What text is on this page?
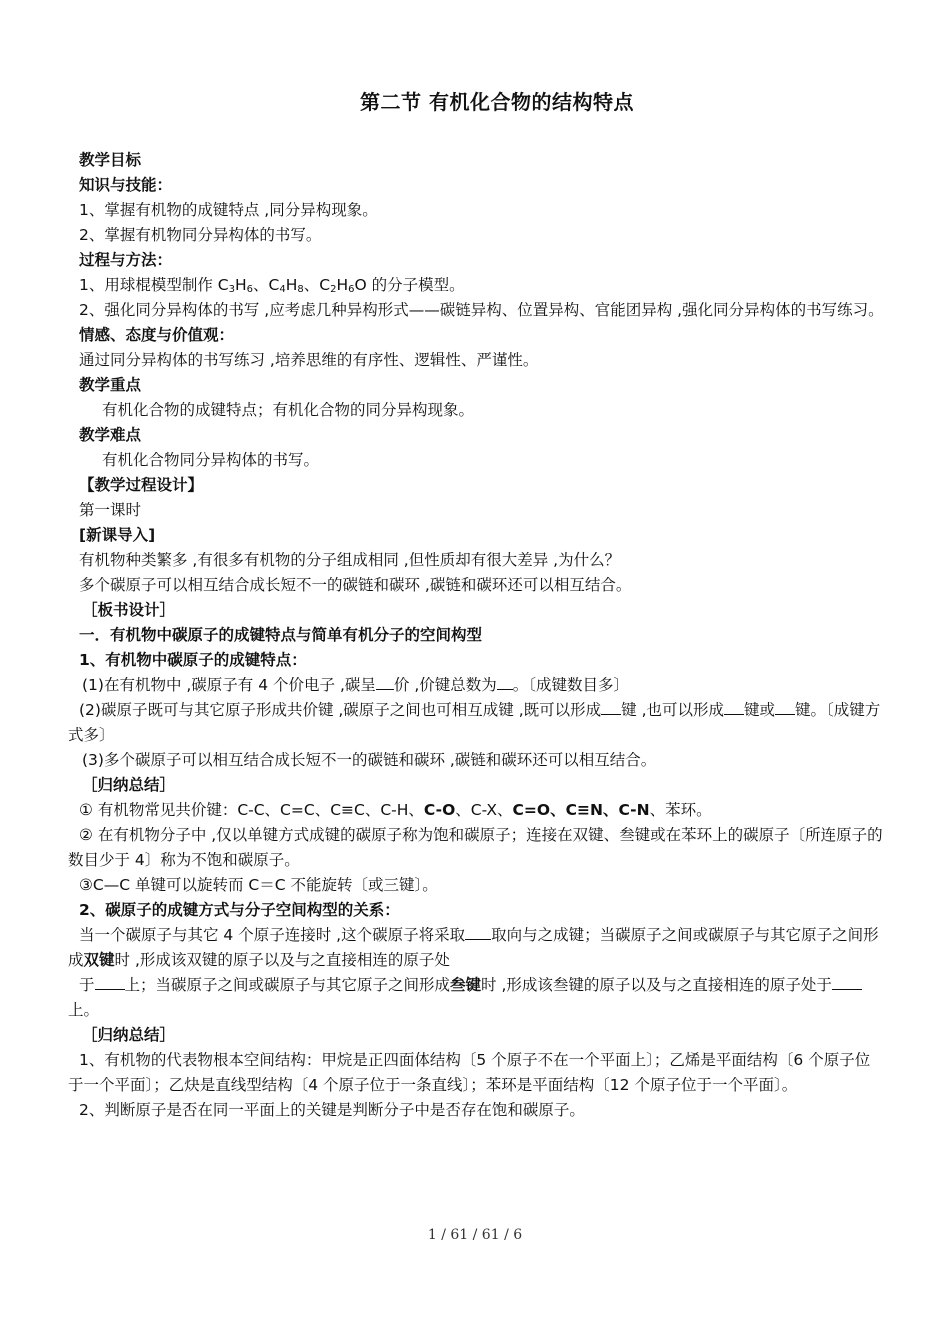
第二节 有机化合物的结构特点

教学目标

知识与技能：

1、掌握有机物的成键特点 ,同分异构现象。

2、掌握有机物同分异构体的书写。

过程与方法：

1、用球棍模型制作 $C_3H_6$、$C_4H_8$、$C_2H_6O$ 的分子模型。

2、强化同分异构体的书写 ,应考虑几种异构形式——碳链异构、位置异构、官能团异构 ,强化同分异构体的书写练习。

情感、态度与价值观：

通过同分异构体的书写练习 ,培养思维的有序性、逻辑性、严谨性。

教学重点

有机化合物的成键特点；有机化合物的同分异构现象。

教学难点

有机化合物同分异构体的书写。

【教学过程设计】

第一课时

[新课导入]

有机物种类繁多 ,有很多有机物的分子组成相同 ,但性质却有很大差异 ,为什么？

多个碳原子可以相互结合成长短不一的碳链和碳环 ,碳链和碳环还可以相互结合。

［板书设计］

一．有机物中碳原子的成键特点与简单有机分子的空间构型

1、有机物中碳原子的成键特点：

(1)在有机物中 ,碳原子有 4 个价电子 ,碳呈 价 ,价键总数为 。〔成键数目多〕

(2)碳原子既可与其它原子形成共价键 ,碳原子之间也可相互成键 ,既可以形成 键 ,也可以形成 键或 键。〔成键方式多〕

(3)多个碳原子可以相互结合成长短不一的碳链和碳环 ,碳链和碳环还可以相互结合。

［归纳总结］

① 有机物常见共价键：C-C、C=C、C≡C、C-H、C-O、C-X、C=O、C≡N、C-N、苯环。

② 在有机物分子中 ,仅以单键方式成键的碳原子称为饱和碳原子；连接在双键、叁键或在苯环上的碳原子〔所连原子的数目少于 4〕称为不饱和碳原子。

③C—C 单键可以旋转而 C＝C 不能旋转〔或三键〕。

2、碳原子的成键方式与分子空间构型的关系：

当一个碳原子与其它 4 个原子连接时 ,这个碳原子将采取 取向与之成键；当碳原子之间或碳原子与其它原子之间形成双键时 ,形成该双键的原子以及与之直接相连的原子处

于 上；当碳原子之间或碳原子与其它原子之间形成叁键时 ,形成该叁键的原子以及与之直接相连的原子处于上。

［归纳总结］

1、有机物的代表物根本空间结构：甲烷是正四面体结构〔5 个原子不在一个平面上〕；乙烯是平面结构〔6 个原子位于一个平面〕；乙炔是直线型结构〔4 个原子位于一条直线〕；苯环是平面结构〔12 个原子位于一个平面〕。

2、判断原子是否在同一平面上的关键是判断分子中是否存在饱和碳原子。

1 / 61 / 61 / 6
